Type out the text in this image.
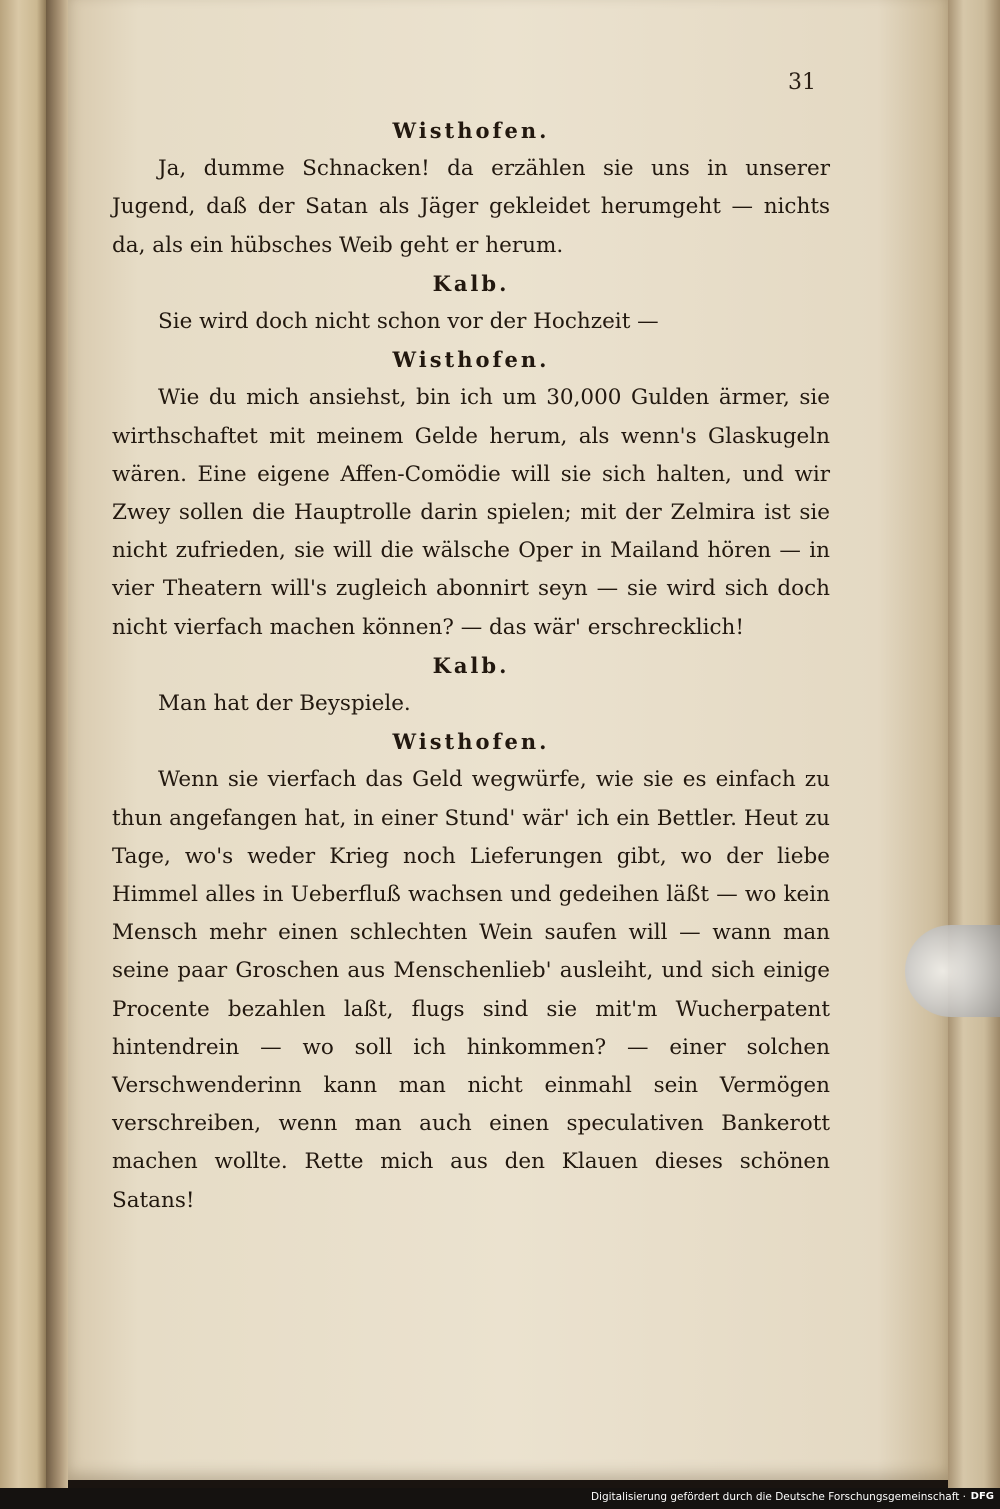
31
Wisthofen.

Ja, dumme Schnacken! da erzählen sie uns in unserer Jugend, daß der Satan als Jäger gekleidet herumgeht — nichts da, als ein hübsches Weib geht er herum.

Kalb.

Sie wird doch nicht schon vor der Hochzeit —

Wisthofen.

Wie du mich ansiehst, bin ich um 30,000 Gulden ärmer, sie wirthschaftet mit meinem Gelde herum, als wenn's Glaskugeln wären. Eine eigene Affen-Comödie will sie sich halten, und wir Zwey sollen die Hauptrolle darin spielen; mit der Zelmira ist sie nicht zufrieden, sie will die wälsche Oper in Mailand hören — in vier Theatern will's zugleich abonnirt seyn — sie wird sich doch nicht vierfach machen können? — das wär' erschrecklich!

Kalb.

Man hat der Beyspiele.

Wisthofen.

Wenn sie vierfach das Geld wegwürfe, wie sie es einfach zu thun angefangen hat, in einer Stund' wär' ich ein Bettler. Heut zu Tage, wo's weder Krieg noch Lieferungen gibt, wo der liebe Himmel alles in Ueberfluß wachsen und gedeihen läßt — wo kein Mensch mehr einen schlechten Wein saufen will — wann man seine paar Groschen aus Menschenlieb' ausleiht, und sich einige Procente bezahlen laßt, flugs sind sie mit'm Wucherpatent hintendrein — wo soll ich hinkommen? — einer solchen Verschwenderinn kann man nicht einmahl sein Vermögen verschreiben, wenn man auch einen speculativen Bankerott machen wollte. Rette mich aus den Klauen dieses schönen Satans!

Digitalisierung gefördert durch die Deutsche Forschungsgemeinschaft · DFG
